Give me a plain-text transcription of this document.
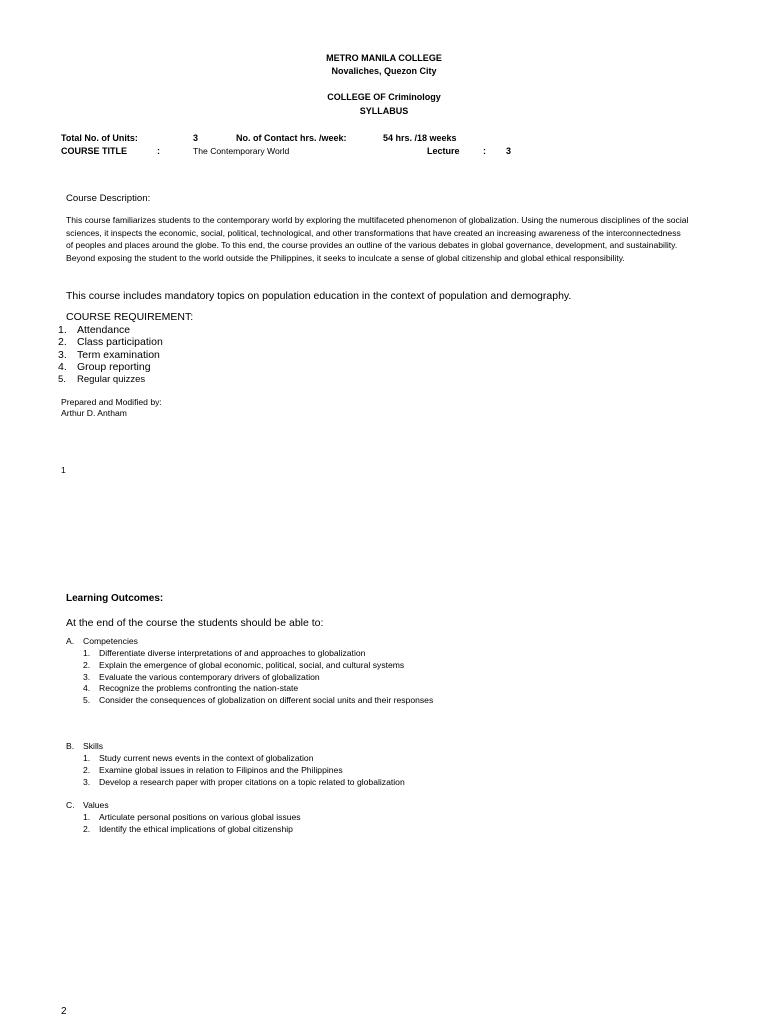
METRO MANILA COLLEGE
Novaliches, Quezon City
COLLEGE OF Criminology
SYLLABUS
Total No. of Units:	3	No. of Contact hrs. /week:	54 hrs. /18 weeks
COURSE TITLE	:	The Contemporary World	Lecture	: 3
Course Description:
This course familiarizes students to the contemporary world by exploring the multifaceted phenomenon of globalization. Using the numerous disciplines of the social sciences, it inspects the economic, social, political, technological, and other transformations that have created an increasing awareness of the interconnectedness of peoples and places around the globe. To this end, the course provides an outline of the various debates in global governance, development, and sustainability. Beyond exposing the student to the world outside the Philippines, it seeks to inculcate a sense of global citizenship and global ethical responsibility.
This course includes mandatory topics on population education in the context of population and demography.
COURSE REQUIREMENT:
1. Attendance
2. Class participation
3. Term examination
4. Group reporting
5. Regular quizzes
Prepared and Modified by:
Arthur D. Antham
1
Learning Outcomes:
At the end of the course the students should be able to:
A. Competencies
1. Differentiate diverse interpretations of and approaches to globalization
2. Explain the emergence of global economic, political, social, and cultural systems
3. Evaluate the various contemporary drivers of globalization
4. Recognize the problems confronting the nation-state
5. Consider the consequences of globalization on different social units and their responses
B. Skills
1. Study current news events in the context of globalization
2. Examine global issues in relation to Filipinos and the Philippines
3. Develop a research paper with proper citations on a topic related to globalization
C. Values
1. Articulate personal positions on various global issues
2. Identify the ethical implications of global citizenship
2
